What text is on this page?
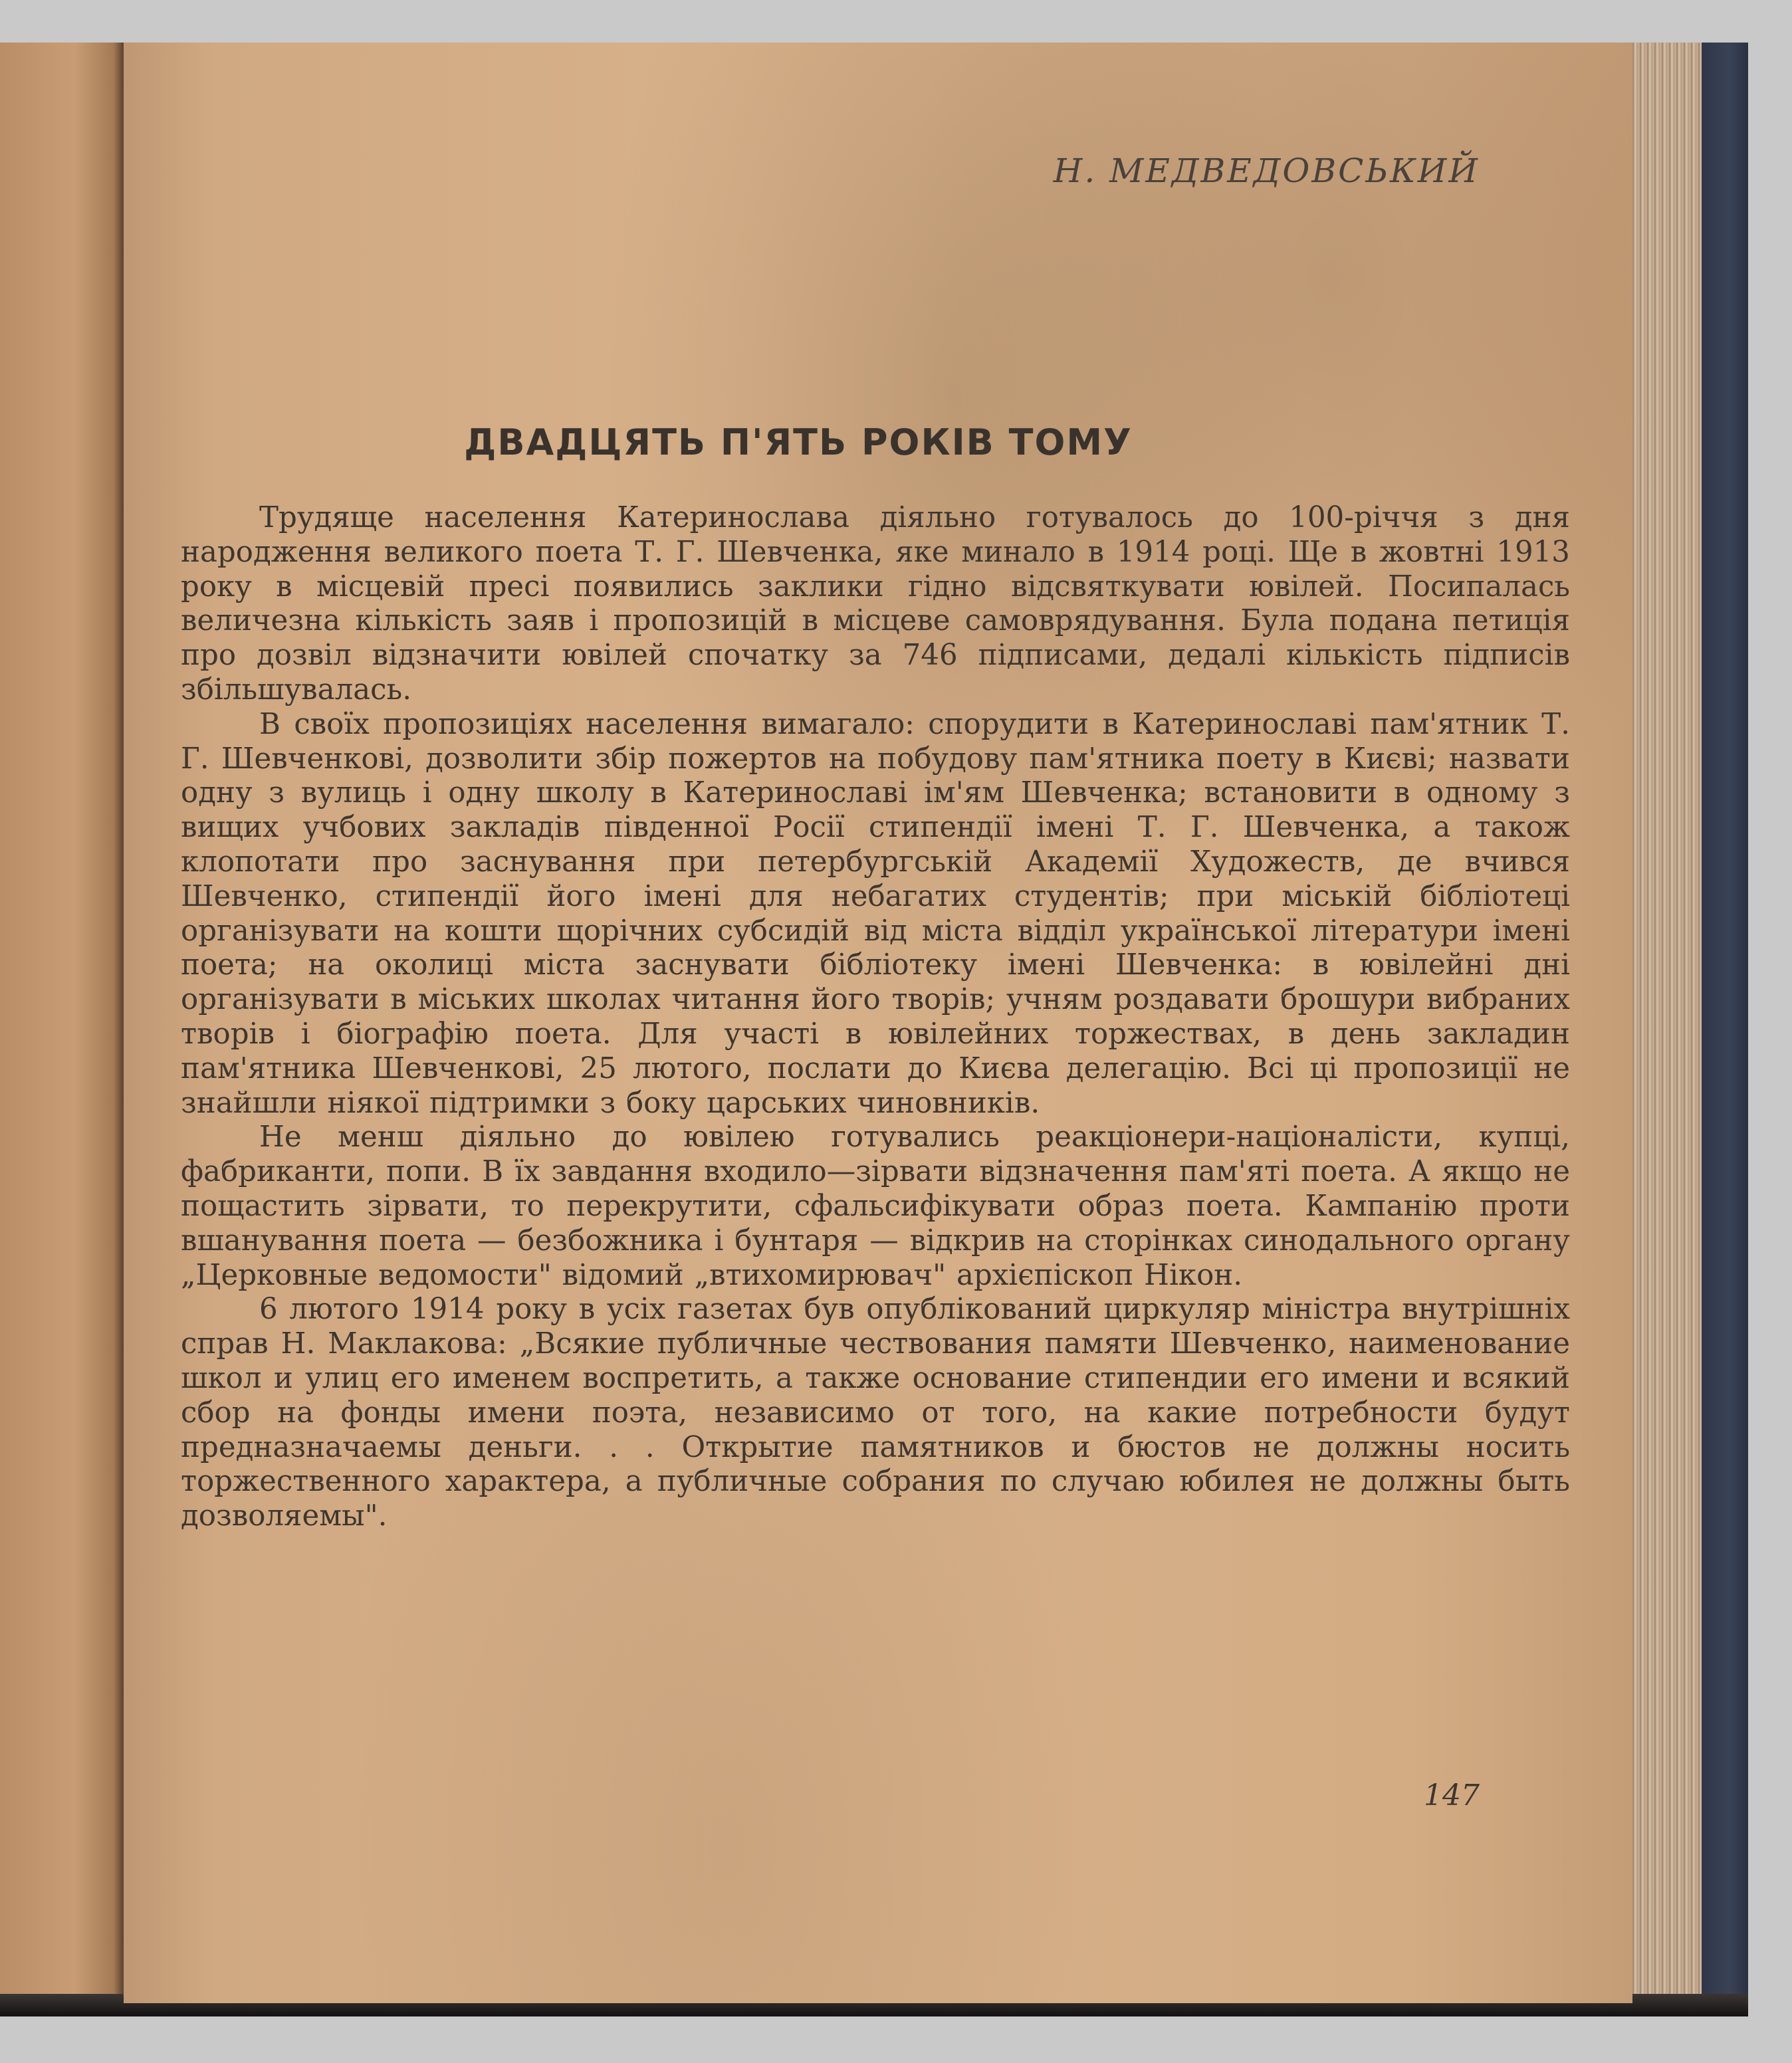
Н. МЕДВЕДОВСЬКИЙ
ДВАДЦЯТЬ П'ЯТЬ РОКІВ ТОМУ

Трудяще населення Катеринослава діяльно готувалось до 100-річчя з дня народження великого поета Т. Г. Шевченка, яке минало в 1914 році. Ще в жовтні 1913 року в місцевій пресі появились заклики гідно відсвяткувати ювілей. Посипалась величезна кількість заяв і пропозицій в місцеве самоврядування. Була подана петиція про дозвіл відзначити ювілей спочатку за 746 підписами, дедалі кількість підписів збільшувалась.

В своїх пропозиціях населення вимагало: спорудити в Катеринославі пам'ятник Т. Г. Шевченкові, дозволити збір пожертов на побудову пам'ятника поету в Києві; назвати одну з вулиць і одну школу в Катеринославі ім'ям Шевченка; встановити в одному з вищих учбових закладів південної Росії стипендії імені Т. Г. Шевченка, а також клопотати про заснування при петербургській Академії Художеств, де вчився Шевченко, стипендії його імені для небагатих студентів; при міській бібліотеці організувати на кошти щорічних субсидій від міста відділ української літератури імені поета; на околиці міста заснувати бібліотеку імені Шевченка: в ювілейні дні організувати в міських школах читання його творів; учням роздавати брошури вибраних творів і біографію поета. Для участі в ювілейних торжествах, в день закладин пам'ятника Шевченкові, 25 лютого, послати до Києва делегацію. Всі ці пропозиції не знайшли ніякої підтримки з боку царських чиновників.

Не менш діяльно до ювілею готувались реакціонери-націоналісти, купці, фабриканти, попи. В їх завдання входило—зірвати відзначення пам'яті поета. А якщо не пощастить зірвати, то перекрутити, сфальсифікувати образ поета. Кампанію проти вшанування поета — безбожника і бунтаря — відкрив на сторінках синодального органу „Церковные ведомости" відомий „втихомирювач" архієпіскоп Нікон.

6 лютого 1914 року в усіх газетах був опублікований циркуляр міністра внутрішніх справ Н. Маклакова: „Всякие публичные чествования памяти Шевченко, наименование школ и улиц его именем воспретить, а также основание стипендии его имени и всякий сбор на фонды имени поэта, независимо от того, на какие потребности будут предназначаемы деньги. . . Открытие памятников и бюстов не должны носить торжественного характера, а публичные собрания по случаю юбилея не должны быть дозволяемы".

147
